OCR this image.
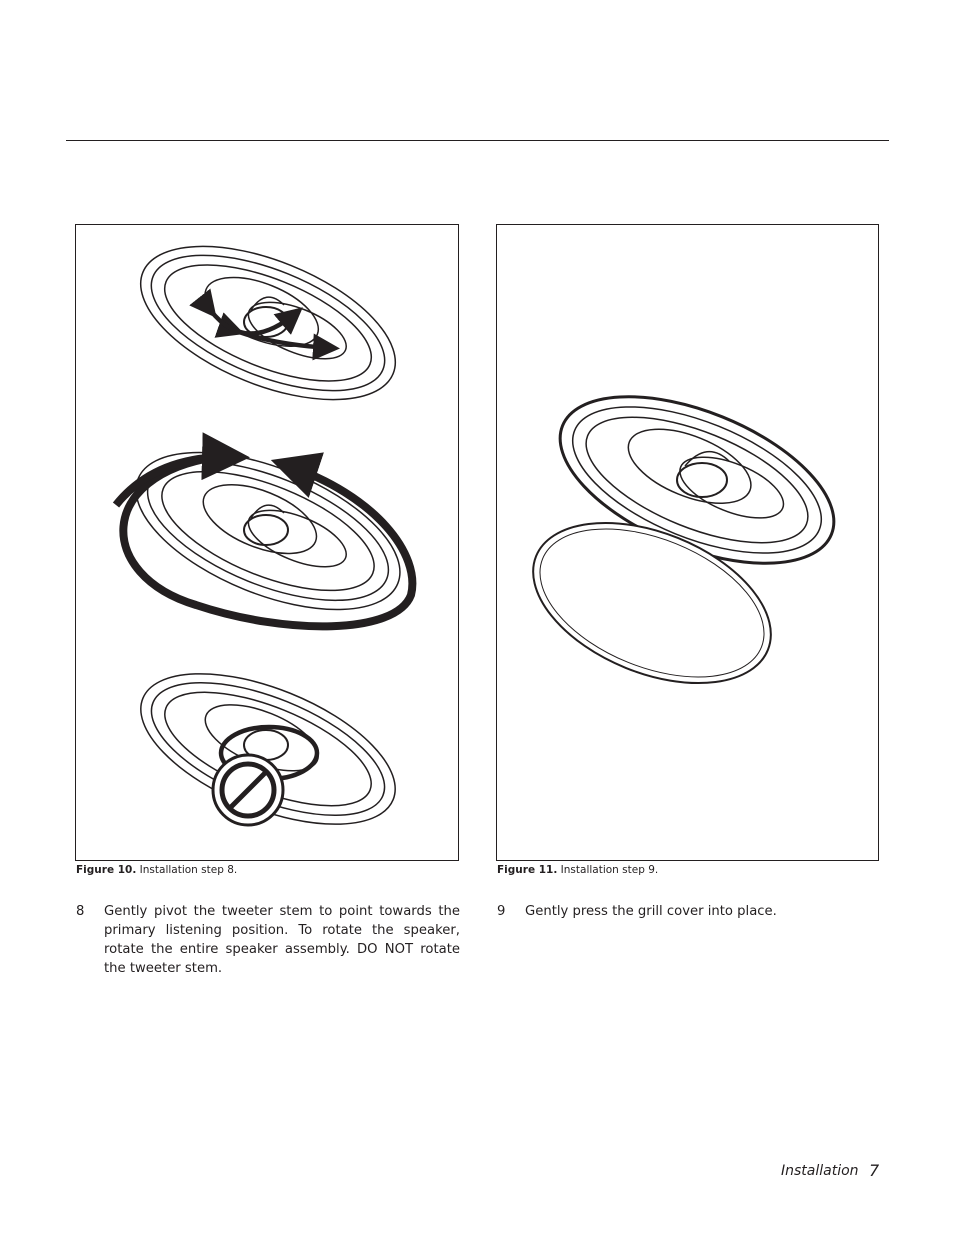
Figure 10. Installation step 8.	Figure 11. Installation step 9.
8 Gently pivot the tweeter stem to point towards the primary listening position. To rotate the speaker, rotate the entire speaker assembly. DO NOT rotate the tweeter stem.
9 Gently press the grill cover into place.
Installation 7
